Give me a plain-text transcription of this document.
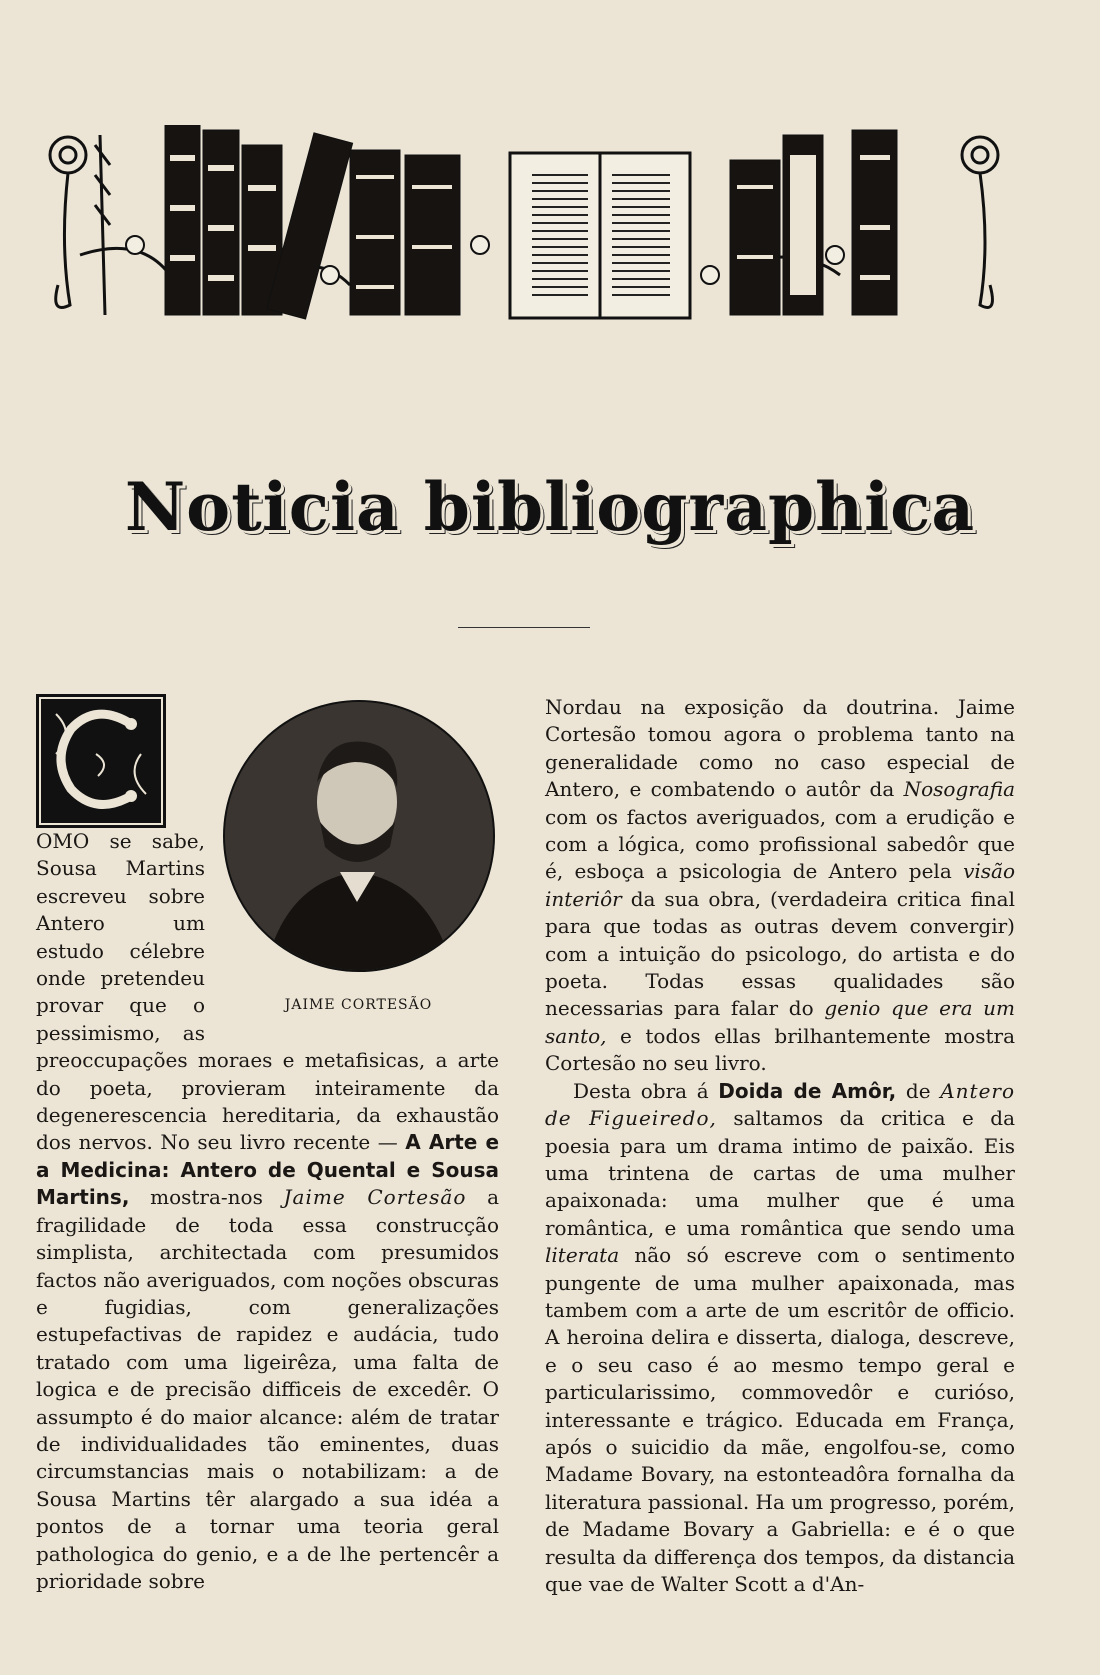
Noticia bibliographica
JAIME CORTESÃO

OMO se sabe, Sousa Martins escreveu sobre Antero um estudo célebre onde pretendeu provar que o pessimismo, as preoccupações moraes e metafisicas, a arte do poeta, provieram inteiramente da degenerescencia hereditaria, da exhaustão dos nervos. No seu livro recente — A Arte e a Medicina: Antero de Quental e Sousa Martins, mostra-nos Jaime Cortesão a fragilidade de toda essa construcção simplista, architectada com presumidos factos não averiguados, com noções obscuras e fugidias, com generalizações estupefactivas de rapidez e audácia, tudo tratado com uma ligeirêza, uma falta de logica e de precisão difficeis de excedêr. O assumpto é do maior alcance: além de tratar de individualidades tão eminentes, duas circumstancias mais o notabilizam: a de Sousa Martins têr alargado a sua idéa a pontos de a tornar uma teoria geral pathologica do genio, e a de lhe pertencêr a prioridade sobre

Nordau na exposição da doutrina. Jaime Cortesão tomou agora o problema tanto na generalidade como no caso especial de Antero, e combatendo o autôr da Nosografia com os factos averiguados, com a erudição e com a lógica, como profissional sabedôr que é, esboça a psicologia de Antero pela visão interiôr da sua obra, (verdadeira critica final para que todas as outras devem convergir) com a intuição do psicologo, do artista e do poeta. Todas essas qualidades são necessarias para falar do genio que era um santo, e todos ellas brilhantemente mostra Cortesão no seu livro.

Desta obra á Doida de Amôr, de Antero de Figueiredo, saltamos da critica e da poesia para um drama intimo de paixão. Eis uma trintena de cartas de uma mulher apaixonada: uma mulher que é uma romântica, e uma romântica que sendo uma literata não só escreve com o sentimento pungente de uma mulher apaixonada, mas tambem com a arte de um escritôr de officio. A heroina delira e disserta, dialoga, descreve, e o seu caso é ao mesmo tempo geral e particularissimo, commovedôr e curióso, interessante e trágico. Educada em França, após o suicidio da mãe, engolfou-se, como Madame Bovary, na estonteadôra fornalha da literatura passional. Ha um progresso, porém, de Madame Bovary a Gabriella: e é o que resulta da differença dos tempos, da distancia que vae de Walter Scott a d'An-
